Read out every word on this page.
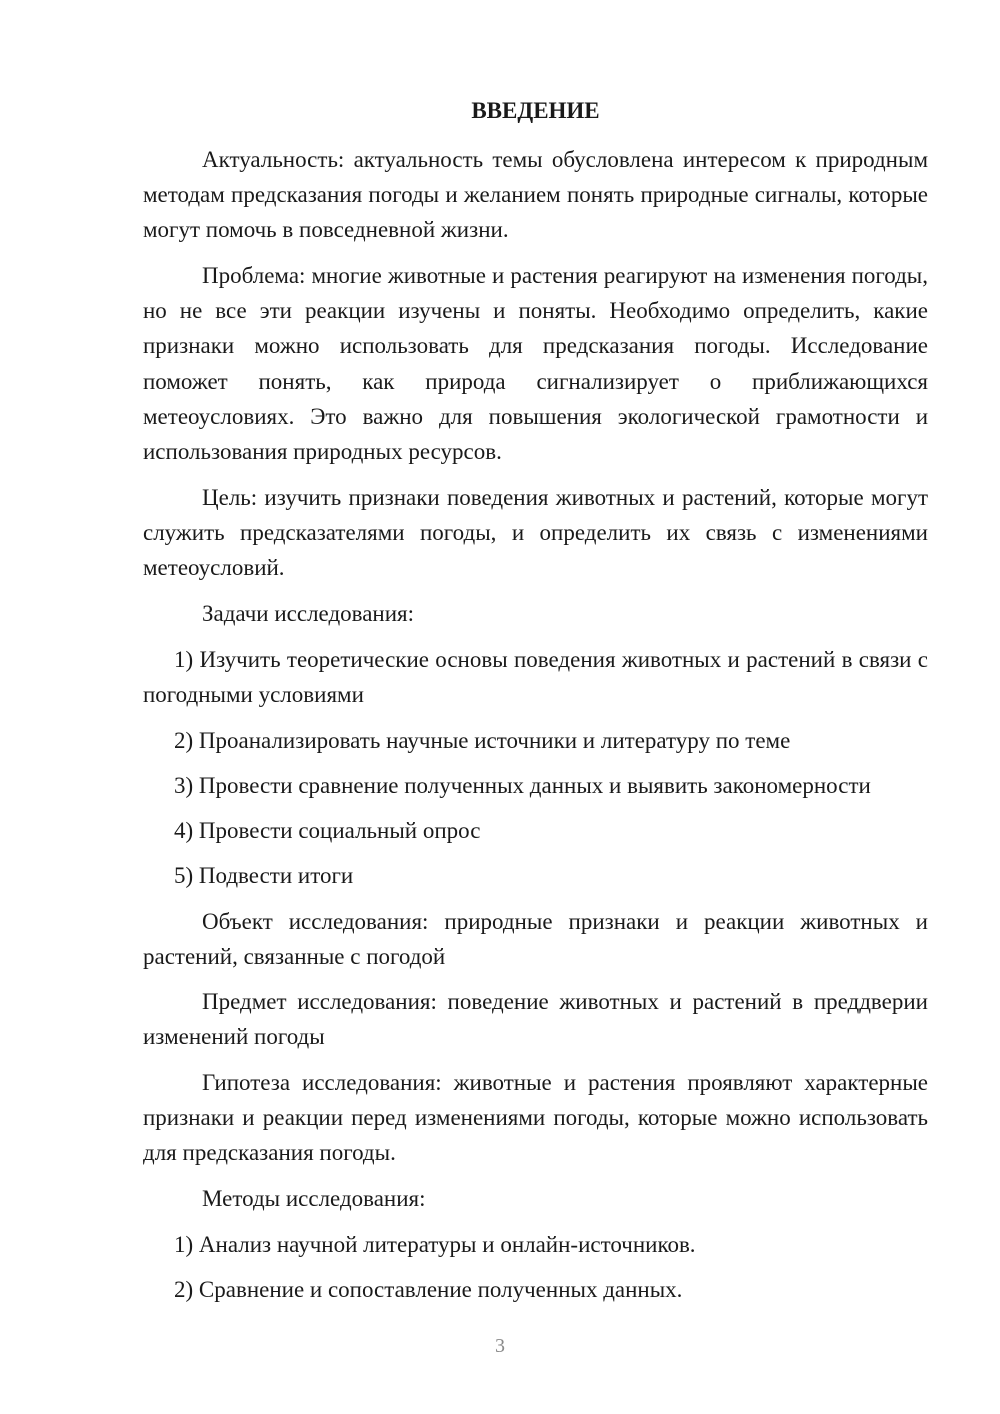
ВВЕДЕНИЕ

Актуальность: актуальность темы обусловлена интересом к природным методам предсказания погоды и желанием понять природные сигналы, которые могут помочь в повседневной жизни.

Проблема: многие животные и растения реагируют на изменения погоды, но не все эти реакции изучены и поняты. Необходимо определить, какие признаки можно использовать для предсказания погоды. Исследование поможет понять, как природа сигнализирует о приближающихся метеоусловиях. Это важно для повышения экологической грамотности и использования природных ресурсов.

Цель: изучить признаки поведения животных и растений, которые могут служить предсказателями погоды, и определить их связь с изменениями метеоусловий.

Задачи исследования:

1) Изучить теоретические основы поведения животных и растений в связи с погодными условиями

2) Проанализировать научные источники и литературу по теме

3) Провести сравнение полученных данных и выявить закономерности

4) Провести социальный опрос

5) Подвести итоги

Объект исследования: природные признаки и реакции животных и растений, связанные с погодой

Предмет исследования: поведение животных и растений в преддверии изменений погоды

Гипотеза исследования: животные и растения проявляют характерные признаки и реакции перед изменениями погоды, которые можно использовать для предсказания погоды.

Методы исследования:

1) Анализ научной литературы и онлайн-источников.

2) Сравнение и сопоставление полученных данных.

3
